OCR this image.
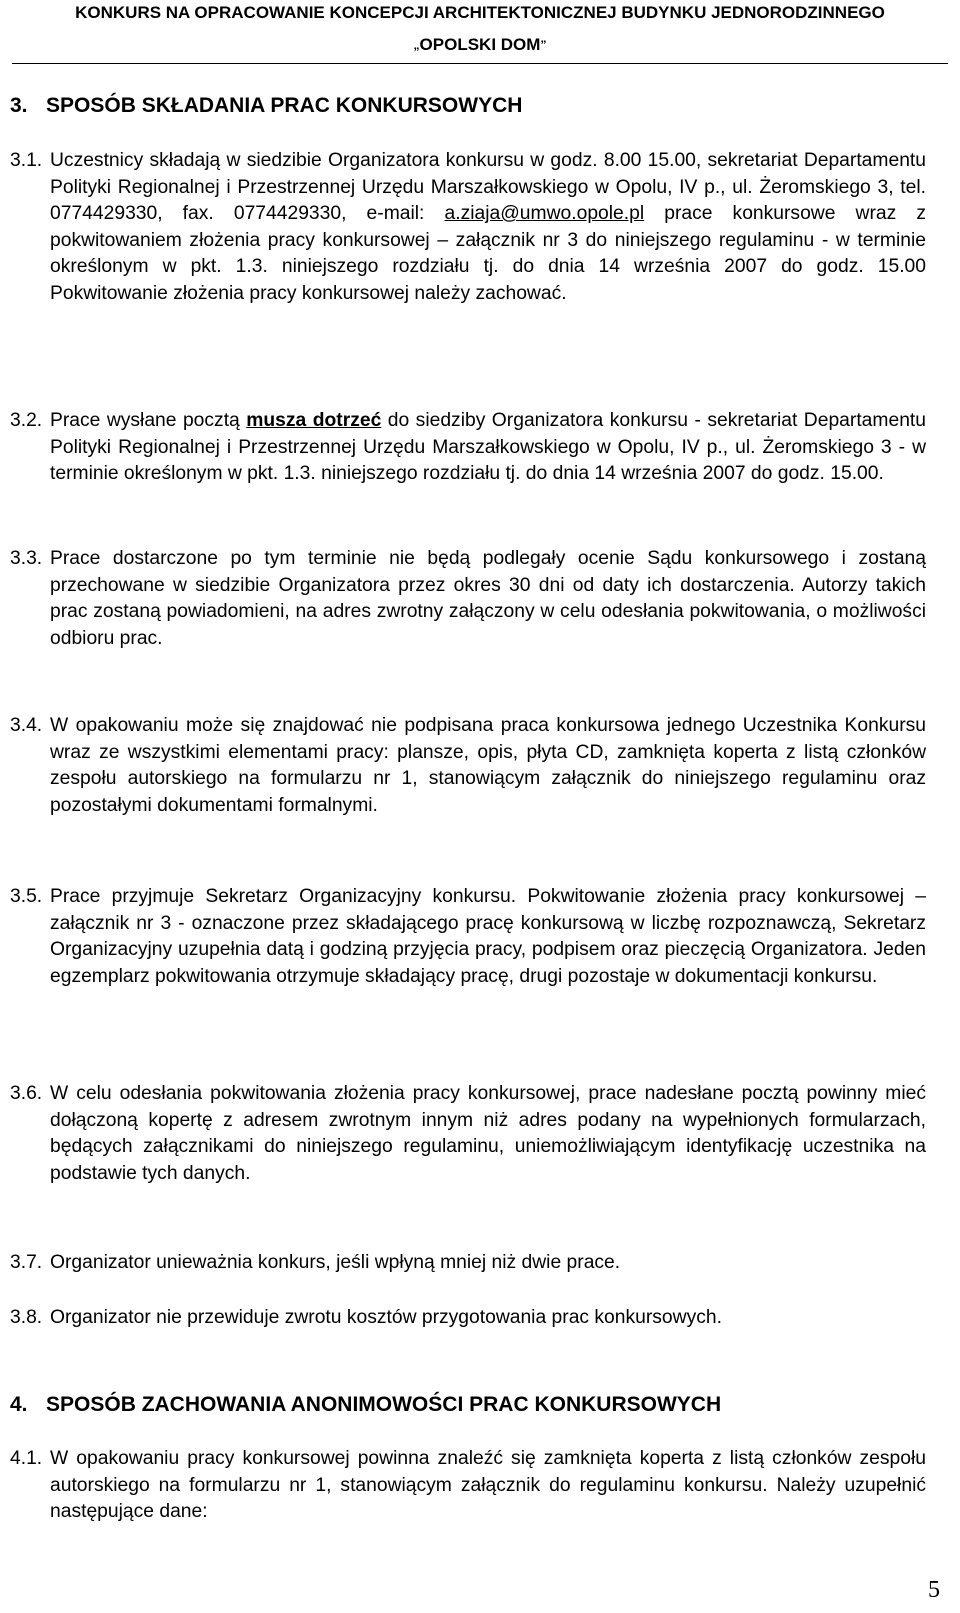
KONKURS NA OPRACOWANIE KONCEPCJI ARCHITEKTONICZNEJ BUDYNKU JEDNORODZINNEGO
„OPOLSKI DOM”
3. SPOSÓB SKŁADANIA PRAC KONKURSOWYCH
3.1. Uczestnicy składają w siedzibie Organizatora konkursu w godz. 8.00 15.00, sekretariat Departamentu Polityki Regionalnej i Przestrzennej Urzędu Marszałkowskiego w Opolu, IV p., ul. Żeromskiego 3, tel. 0774429330, fax. 0774429330, e-mail: a.ziaja@umwo.opole.pl prace konkursowe wraz z pokwitowaniem złożenia pracy konkursowej – załącznik nr 3 do niniejszego regulaminu - w terminie określonym w pkt. 1.3. niniejszego rozdziału tj. do dnia 14 września 2007 do godz. 15.00 Pokwitowanie złożenia pracy konkursowej należy zachować.

3.2. Prace wysłane pocztą musza dotrzeć do siedziby Organizatora konkursu - sekretariat Departamentu Polityki Regionalnej i Przestrzennej Urzędu Marszałkowskiego w Opolu, IV p., ul. Żeromskiego 3 - w terminie określonym w pkt. 1.3. niniejszego rozdziału tj. do dnia 14 września 2007 do godz. 15.00.

3.3. Prace dostarczone po tym terminie nie będą podlegały ocenie Sądu konkursowego i zostaną przechowane w siedzibie Organizatora przez okres 30 dni od daty ich dostarczenia. Autorzy takich prac zostaną powiadomieni, na adres zwrotny załączony w celu odesłania pokwitowania, o możliwości odbioru prac.

3.4. W opakowaniu może się znajdować nie podpisana praca konkursowa jednego Uczestnika Konkursu wraz ze wszystkimi elementami pracy: plansze, opis, płyta CD, zamknięta koperta z listą członków zespołu autorskiego na formularzu nr 1, stanowiącym załącznik do niniejszego regulaminu oraz pozostałymi dokumentami formalnymi.

3.5. Prace przyjmuje Sekretarz Organizacyjny konkursu. Pokwitowanie złożenia pracy konkursowej – załącznik nr 3 - oznaczone przez składającego pracę konkursową w liczbę rozpoznawczą, Sekretarz Organizacyjny uzupełnia datą i godziną przyjęcia pracy, podpisem oraz pieczęcią Organizatora. Jeden egzemplarz pokwitowania otrzymuje składający pracę, drugi pozostaje w dokumentacji konkursu.

3.6. W celu odesłania pokwitowania złożenia pracy konkursowej, prace nadesłane pocztą powinny mieć dołączoną kopertę z adresem zwrotnym innym niż adres podany na wypełnionych formularzach, będących załącznikami do niniejszego regulaminu, uniemożliwiającym identyfikację uczestnika na podstawie tych danych.

3.7. Organizator unieważnia konkurs, jeśli wpłyną mniej niż dwie prace.

3.8. Organizator nie przewiduje zwrotu kosztów przygotowania prac konkursowych.

4. SPOSÓB ZACHOWANIA ANONIMOWOŚCI PRAC KONKURSOWYCH
4.1. W opakowaniu pracy konkursowej powinna znaleźć się zamknięta koperta z listą członków zespołu autorskiego na formularzu nr 1, stanowiącym załącznik do regulaminu konkursu. Należy uzupełnić następujące dane:

5
